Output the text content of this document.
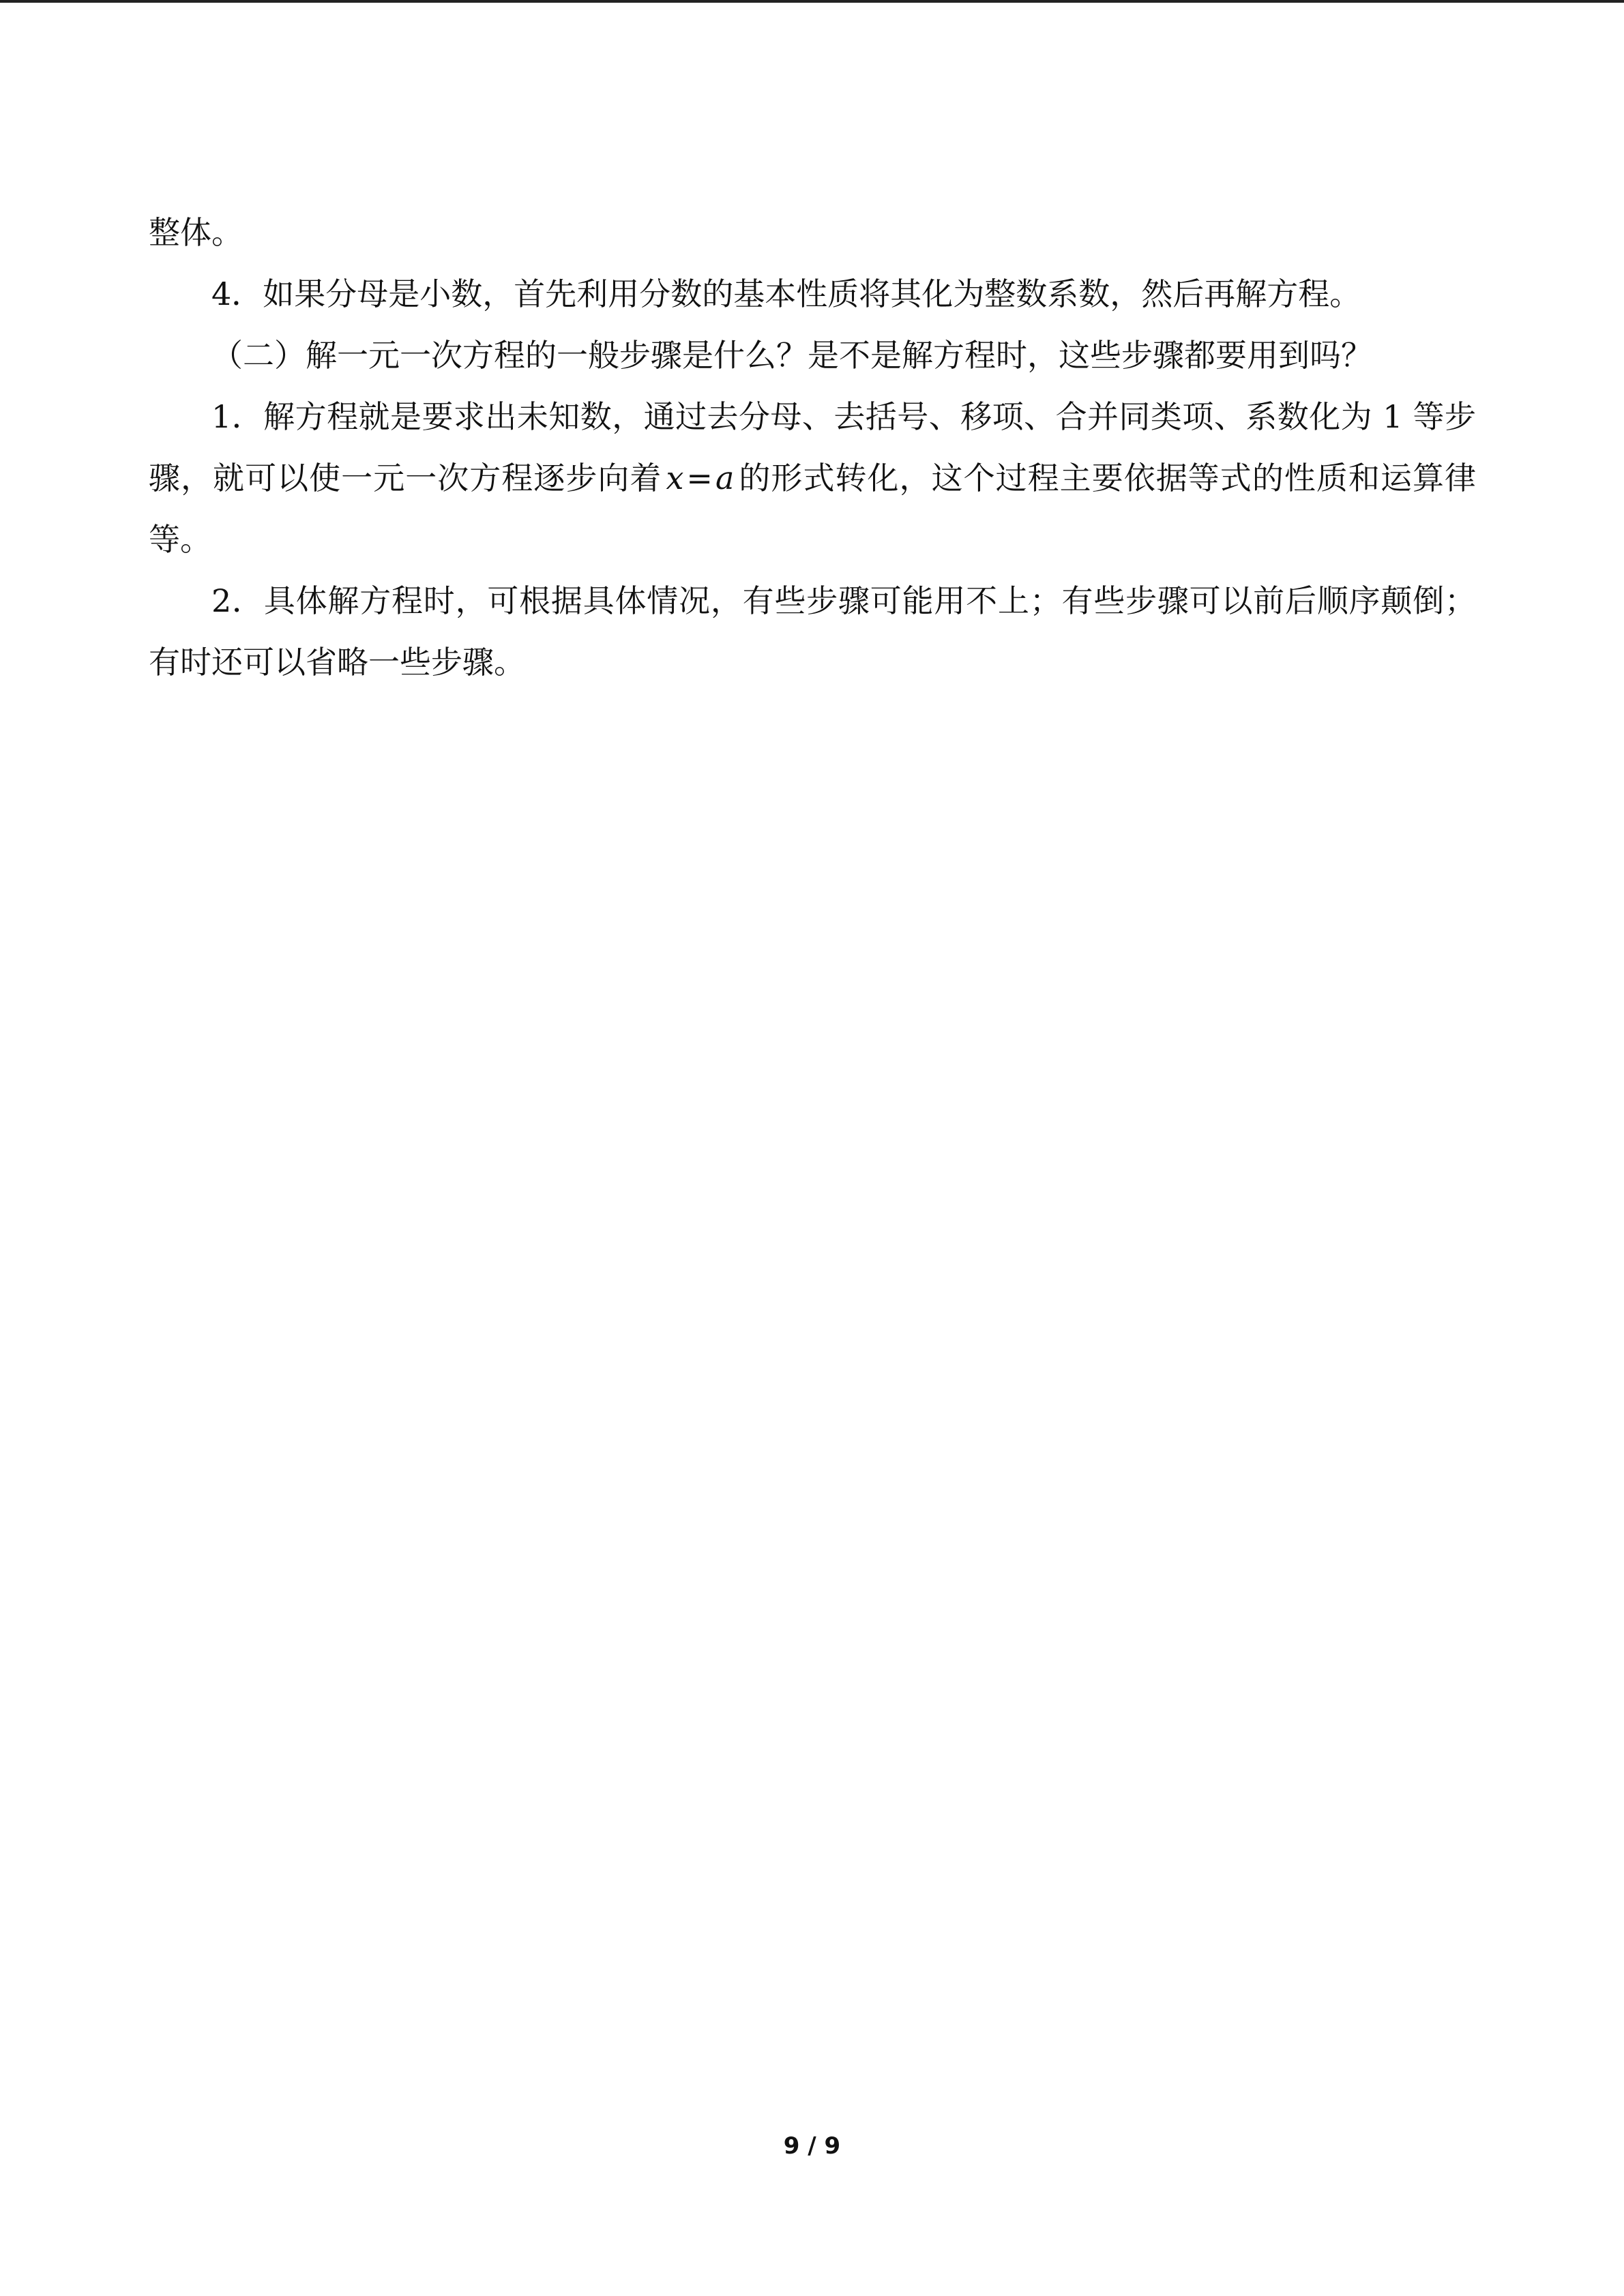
整体。

4．如果分母是小数，首先利用分数的基本性质将其化为整数系数，然后再解方程。

（二）解一元一次方程的一般步骤是什么？是不是解方程时，这些步骤都要用到吗？

1．解方程就是要求出未知数，通过去分母、去括号、移项、合并同类项、系数化为 1 等步骤，就可以使一元一次方程逐步向着 x=a 的形式转化，这个过程主要依据等式的性质和运算律等。

2．具体解方程时，可根据具体情况，有些步骤可能用不上；有些步骤可以前后顺序颠倒；有时还可以省略一些步骤。

9 / 9
